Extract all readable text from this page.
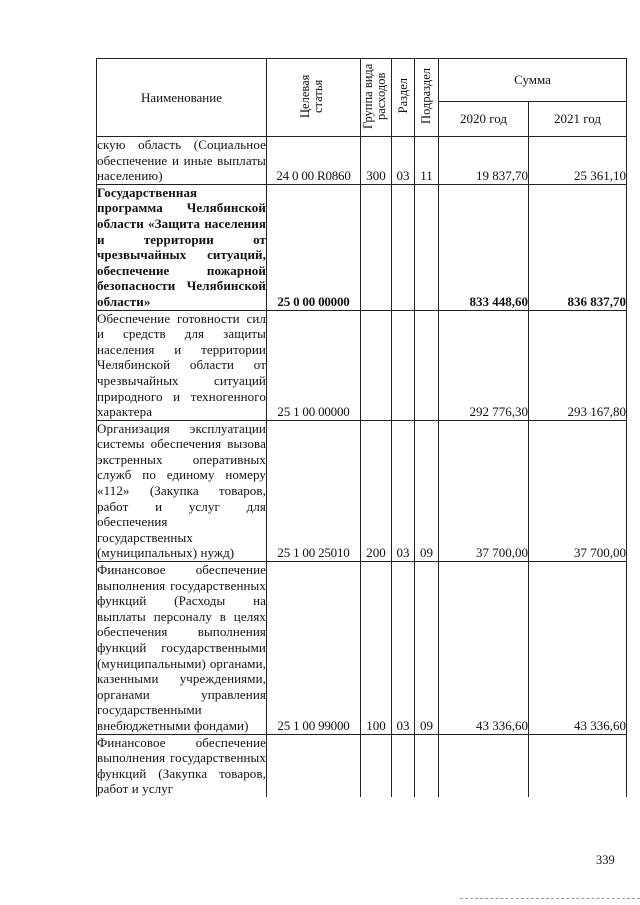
Наименование	Целевая статья	Группа вида расходов	Раздел	Подраздел	Сумма	
					2020 год	2021 год
скую область (Социальное обеспечение и иные выплаты населению)	24 0 00 R0860	300	03	11	19 837,70	25 361,10
Государственная программа Челябинской области «Защита населения и территории от чрезвычайных ситуаций, обеспечение пожарной безопасности Челябинской области»	25 0 00 00000				833 448,60	836 837,70
Обеспечение готовности сил и средств для защиты населения и территории Челябинской области от чрезвычайных ситуаций природного и техногенного характера	25 1 00 00000				292 776,30	293 167,80
Организация эксплуатации системы обеспечения вызова экстренных оперативных служб по единому номеру «112» (Закупка товаров, работ и услуг для обеспечения государственных (муниципальных) нужд)	25 1 00 25010	200	03	09	37 700,00	37 700,00
Финансовое обеспечение выполнения государственных функций (Расходы на выплаты персоналу в целях обеспечения выполнения функций государственными (муниципальными) органами, казенными учреждениями, органами управления государственными внебюджетными фондами)	25 1 00 99000	100	03	09	43 336,60	43 336,60
Финансовое обеспечение выполнения государственных функций (Закупка товаров, работ и услуг						
339
